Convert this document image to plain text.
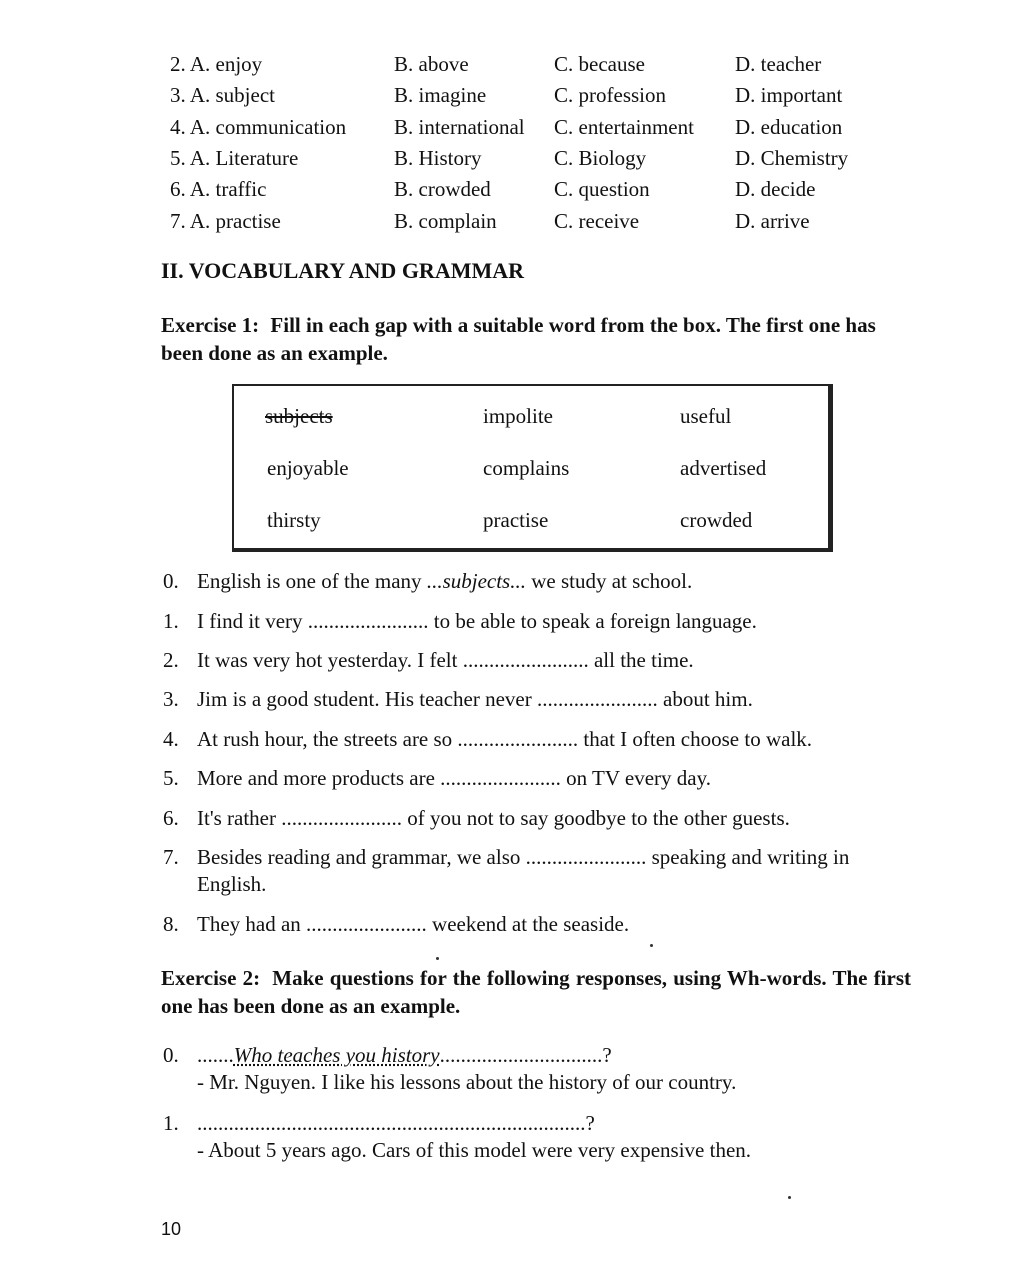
2. A. enjoy	B. above	C. because	D. teacher
3. A. subject	B. imagine	C. profession	D. important
4. A. communication B. international C. entertainment D. education
5. A. Literature	B. History	C. Biology	D. Chemistry
6. A. traffic	B. crowded	C. question	D. decide
7. A. practise	B. complain	C. receive	D. arrive
II. VOCABULARY AND GRAMMAR
Exercise 1: Fill in each gap with a suitable word from the box. The first one has been done as an example.
subjects	impolite	useful
enjoyable	complains	advertised
thirsty	practise	crowded
0. English is one of the many ...subjects... we study at school.
1. I find it very ....................... to be able to speak a foreign language.
2. It was very hot yesterday. I felt ........................ all the time.
3. Jim is a good student. His teacher never ....................... about him.
4. At rush hour, the streets are so ....................... that I often choose to walk.
5. More and more products are ....................... on TV every day.
6. It's rather ....................... of you not to say goodbye to the other guests.
7. Besides reading and grammar, we also ....................... speaking and writing in English.
8. They had an ....................... weekend at the seaside.
Exercise 2: Make questions for the following responses, using Wh-words. The first one has been done as an example.
0. .......Who teaches you history...............................?
- Mr. Nguyen. I like his lessons about the history of our country.
1. ..........................................................................?
- About 5 years ago. Cars of this model were very expensive then.
10
